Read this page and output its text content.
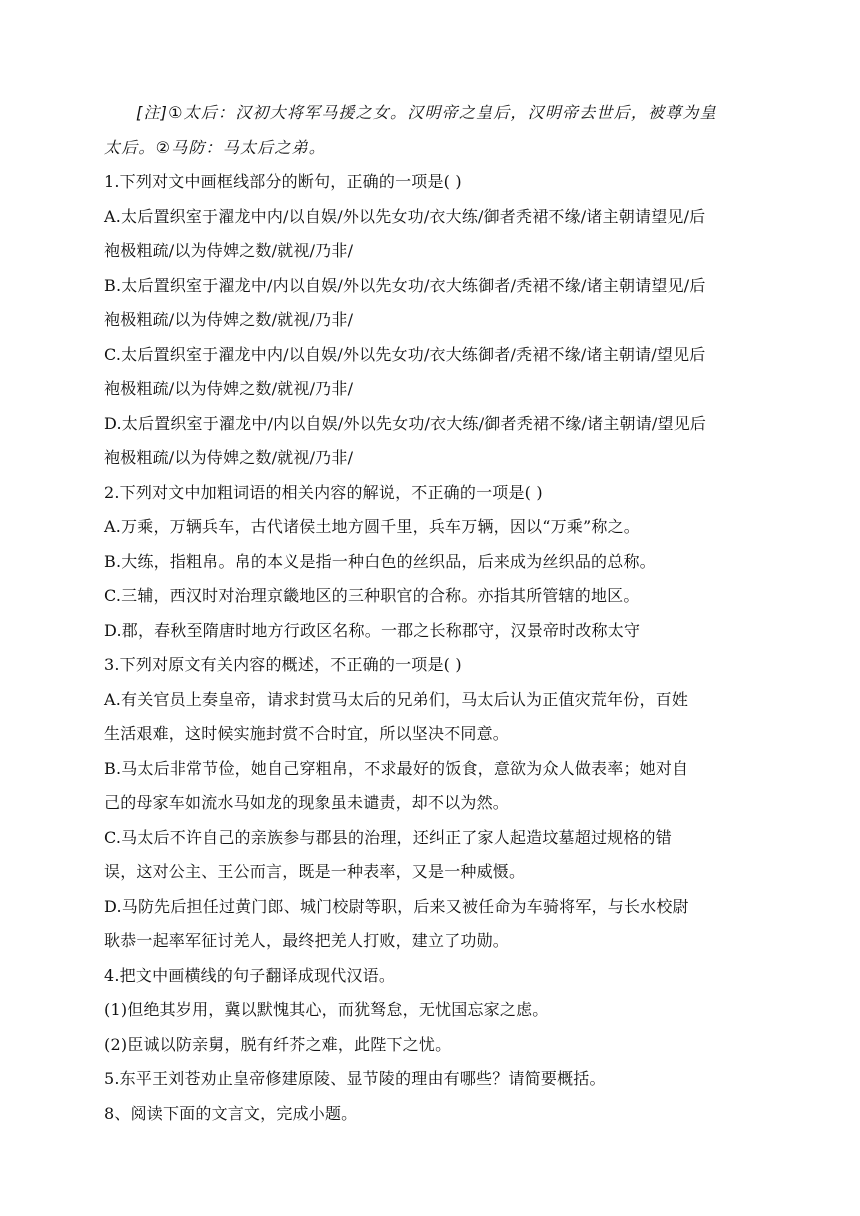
[注]①太后：汉初大将军马援之女。汉明帝之皇后，汉明帝去世后，被尊为皇
太后。②马防：马太后之弟。
1.下列对文中画框线部分的断句，正确的一项是( )
A.太后置织室于濯龙中内/以自娱/外以先女功/衣大练/御者秃裙不缘/诸主朝请望见/后
袍极粗疏/以为侍婢之数/就视/乃非/
B.太后置织室于濯龙中/内以自娱/外以先女功/衣大练御者/秃裙不缘/诸主朝请望见/后
袍极粗疏/以为侍婢之数/就视/乃非/
C.太后置织室于濯龙中内/以自娱/外以先女功/衣大练御者/秃裙不缘/诸主朝请/望见后
袍极粗疏/以为侍婢之数/就视/乃非/
D.太后置织室于濯龙中/内以自娱/外以先女功/衣大练/御者秃裙不缘/诸主朝请/望见后
袍极粗疏/以为侍婢之数/就视/乃非/
2.下列对文中加粗词语的相关内容的解说，不正确的一项是( )
A.万乘，万辆兵车，古代诸侯土地方圆千里，兵车万辆，因以“万乘”称之。
B.大练，指粗帛。帛的本义是指一种白色的丝织品，后来成为丝织品的总称。
C.三辅，西汉时对治理京畿地区的三种职官的合称。亦指其所管辖的地区。
D.郡，春秋至隋唐时地方行政区名称。一郡之长称郡守，汉景帝时改称太守
3.下列对原文有关内容的概述，不正确的一项是( )
A.有关官员上奏皇帝，请求封赏马太后的兄弟们，马太后认为正值灾荒年份，百姓
生活艰难，这时候实施封赏不合时宜，所以坚决不同意。
B.马太后非常节俭，她自己穿粗帛，不求最好的饭食，意欲为众人做表率；她对自
己的母家车如流水马如龙的现象虽未谴责，却不以为然。
C.马太后不许自己的亲族参与郡县的治理，还纠正了家人起造坟墓超过规格的错
误，这对公主、王公而言，既是一种表率，又是一种威慑。
D.马防先后担任过黄门郎、城门校尉等职，后来又被任命为车骑将军，与长水校尉
耿恭一起率军征讨羌人，最终把羌人打败，建立了功勋。
4.把文中画横线的句子翻译成现代汉语。
(1)但绝其岁用，冀以默愧其心，而犹驽怠，无忧国忘家之虑。
(2)臣诚以防亲舅，脱有纤芥之难，此陛下之忧。
5.东平王刘苍劝止皇帝修建原陵、显节陵的理由有哪些？请简要概括。
8、阅读下面的文言文，完成小题。
